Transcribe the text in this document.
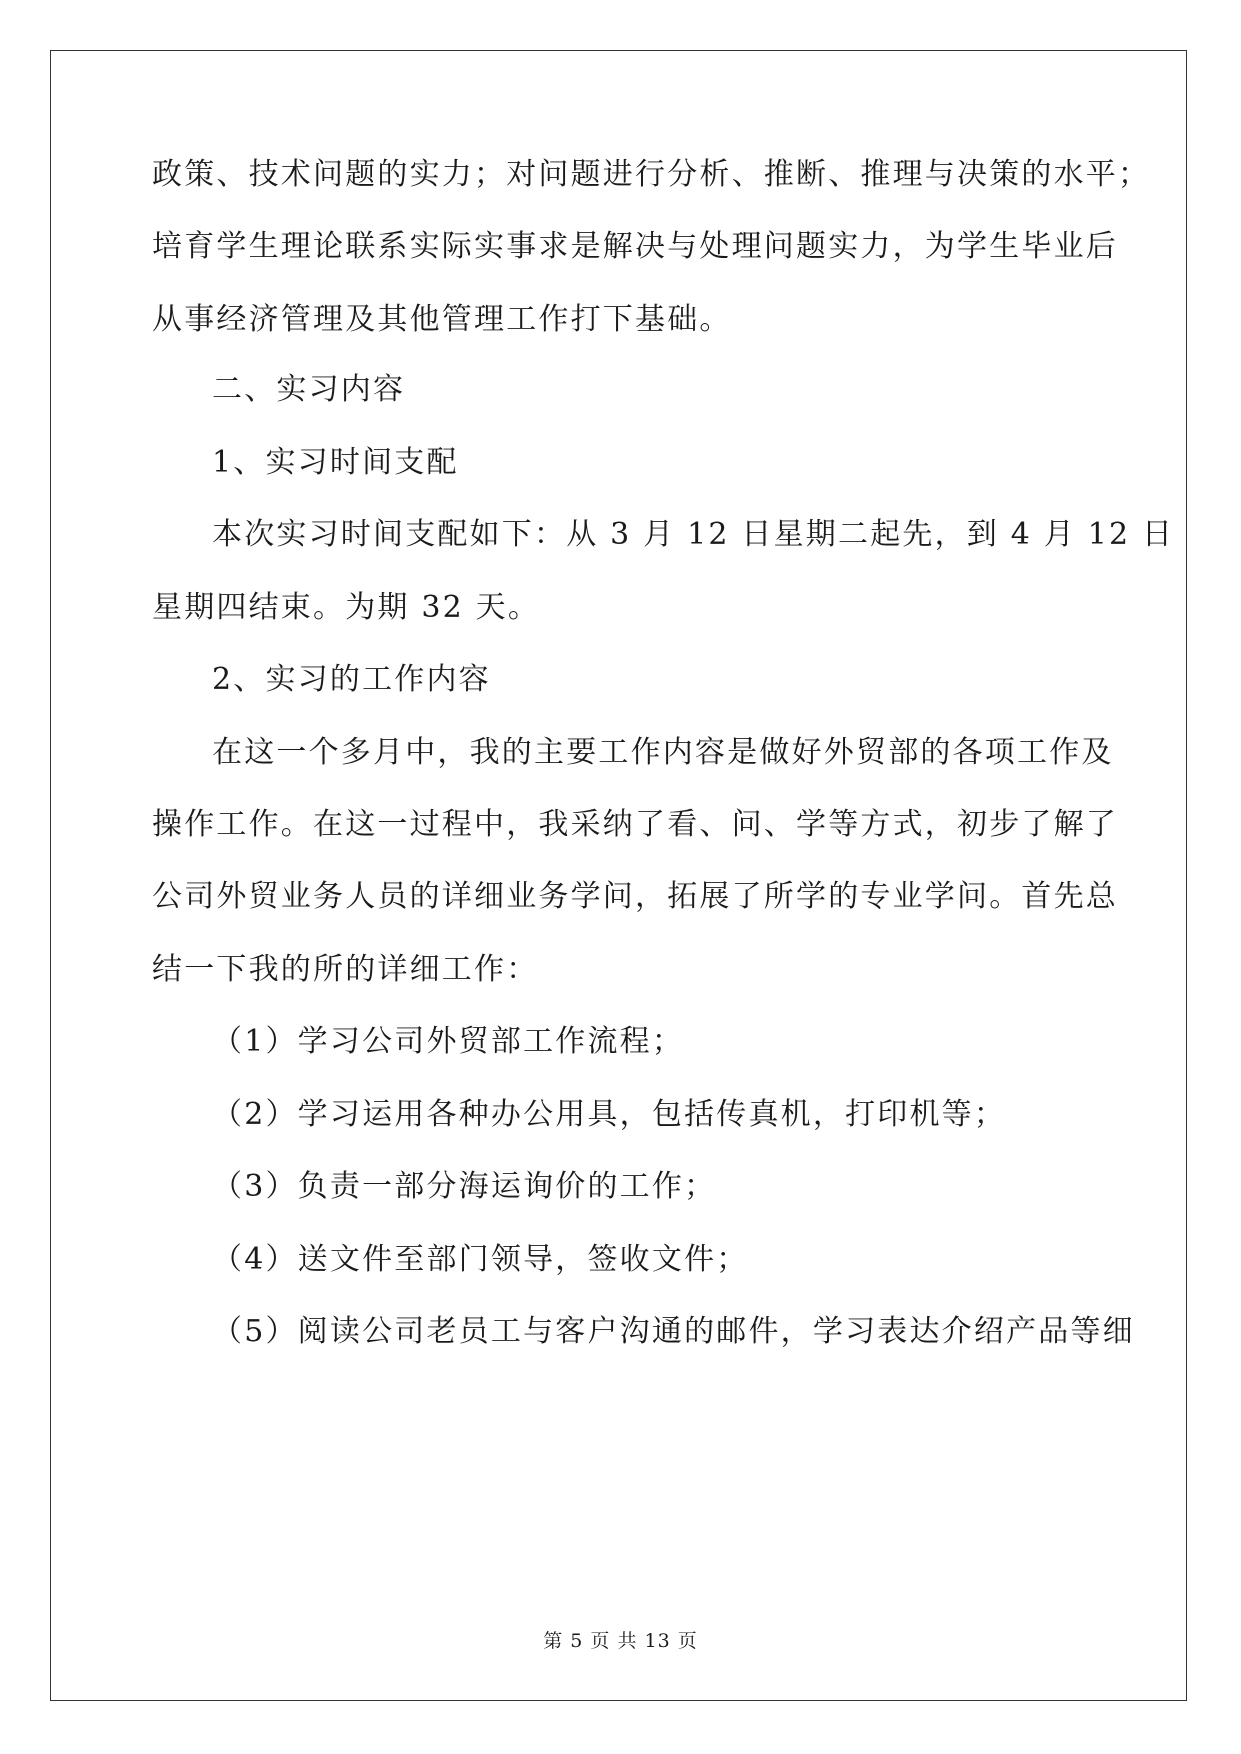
政策、技术问题的实力；对问题进行分析、推断、推理与决策的水平；
培育学生理论联系实际实事求是解决与处理问题实力，为学生毕业后
从事经济管理及其他管理工作打下基础。
二、实习内容
1、实习时间支配
本次实习时间支配如下：从 3 月 12 日星期二起先，到 4 月 12 日
星期四结束。为期 32 天。
2、实习的工作内容
在这一个多月中，我的主要工作内容是做好外贸部的各项工作及
操作工作。在这一过程中，我采纳了看、问、学等方式，初步了解了
公司外贸业务人员的详细业务学问，拓展了所学的专业学问。首先总
结一下我的所的详细工作：
（1）学习公司外贸部工作流程；
（2）学习运用各种办公用具，包括传真机，打印机等；
（3）负责一部分海运询价的工作；
（4）送文件至部门领导，签收文件；
（5）阅读公司老员工与客户沟通的邮件，学习表达介绍产品等细
第 5 页 共 13 页
